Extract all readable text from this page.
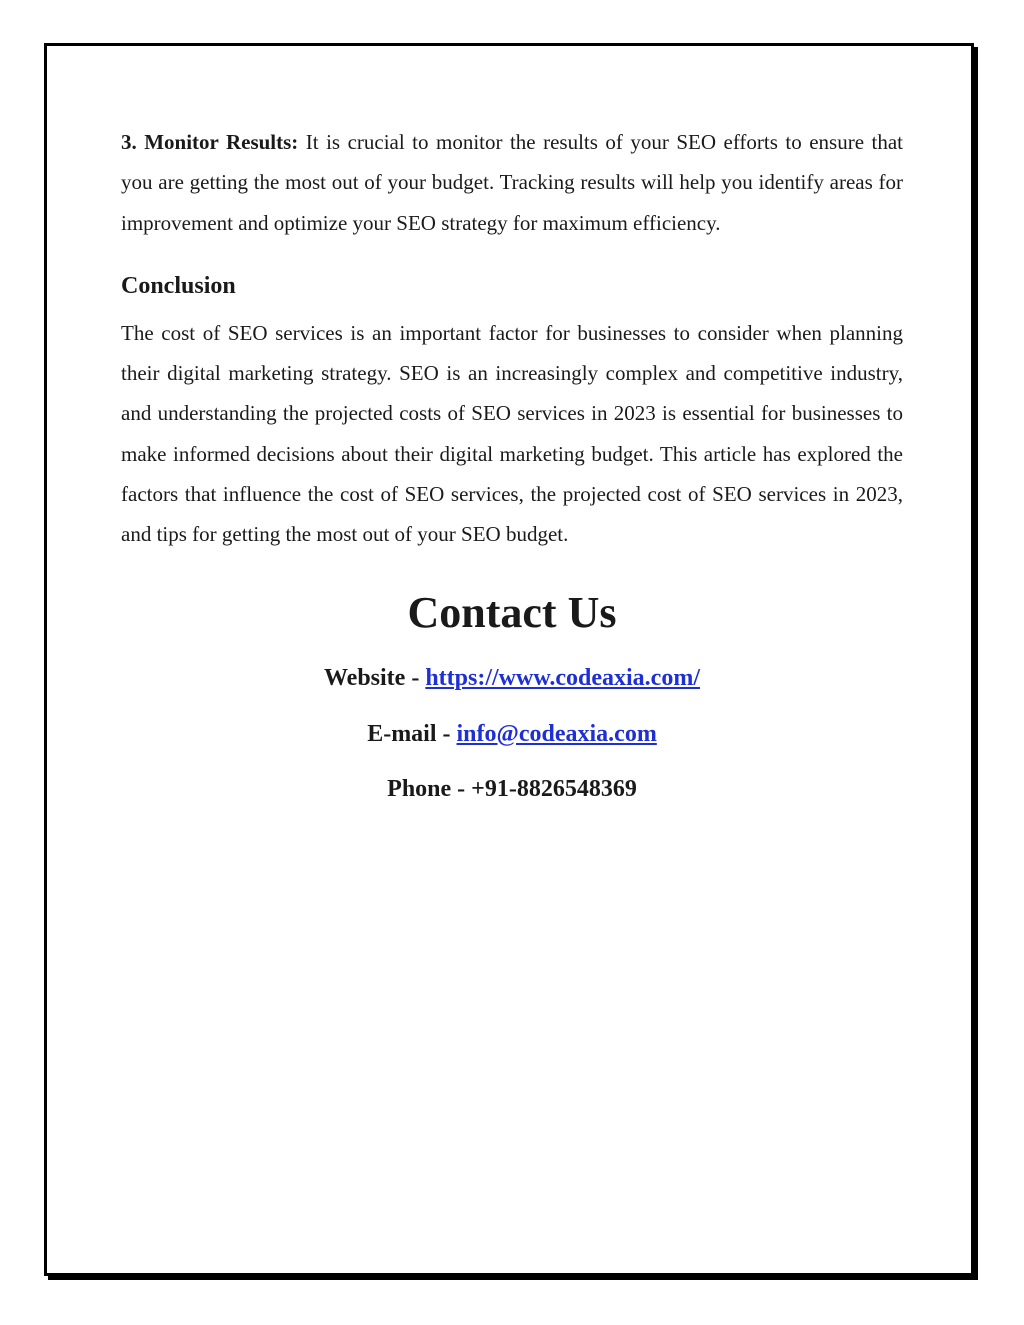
3. Monitor Results: It is crucial to monitor the results of your SEO efforts to ensure that you are getting the most out of your budget. Tracking results will help you identify areas for improvement and optimize your SEO strategy for maximum efficiency.

Conclusion

The cost of SEO services is an important factor for businesses to consider when planning their digital marketing strategy. SEO is an increasingly complex and competitive industry, and understanding the projected costs of SEO services in 2023 is essential for businesses to make informed decisions about their digital marketing budget. This article has explored the factors that influence the cost of SEO services, the projected cost of SEO services in 2023, and tips for getting the most out of your SEO budget.

Contact Us

Website - https://www.codeaxia.com/

E-mail - info@codeaxia.com

Phone - +91-8826548369
